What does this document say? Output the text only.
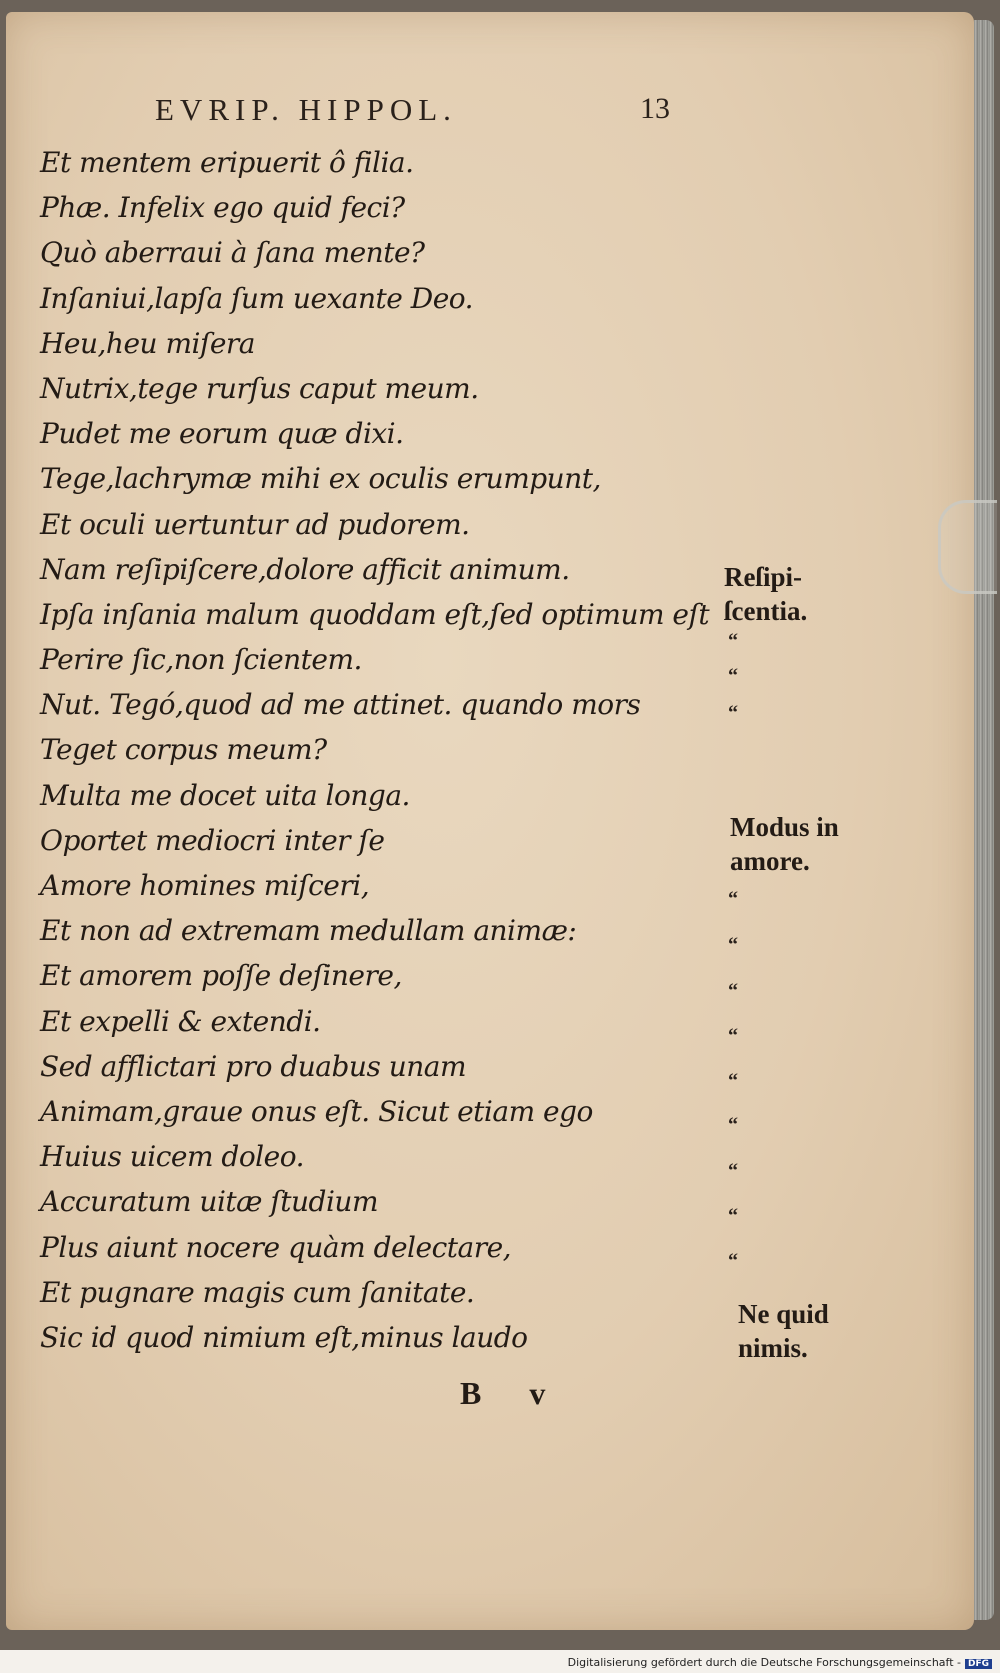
EVRIP. HIPPOL.	13
Et mentem eripuerit ô filia.
Phæ. Infelix ego quid feci?
Quò aberraui à ſana mente?
Inſaniui,lapſa ſum uexante Deo.
Heu,heu miſera
Nutrix,tege rurſus caput meum.
Pudet me eorum quæ dixi.
Tege,lachrymæ mihi ex oculis erumpunt,
Et oculi uertuntur ad pudorem.
Nam reſipiſcere,dolore afficit animum.
Ipſa inſania malum quoddam eſt,ſed optimum eſt
Perire ſic,non ſcientem.
Nut. Tegó,quod ad me attinet. quando mors
Teget corpus meum?
Multa me docet uita longa.
Oportet mediocri inter ſe
Amore homines miſceri,
Et non ad extremam medullam animæ:
Et amorem poſſe deſinere,
Et expelli & extendi.
Sed afflictari pro duabus unam
Animam,graue onus eſt. Sicut etiam ego
Huius uicem doleo.
Accuratum uitæ ſtudium
Plus aiunt nocere quàm delectare,
Et pugnare magis cum ſanitate.
Sic id quod nimium eſt,minus laudo
Reſipi-
ſcentia.
Modus in
amore.
Ne quid
nimis.
“
“
“
“
“
“
“
“
“
“
“
“
B v
Digitalisierung gefördert durch die Deutsche Forschungsgemeinschaft - DFG
